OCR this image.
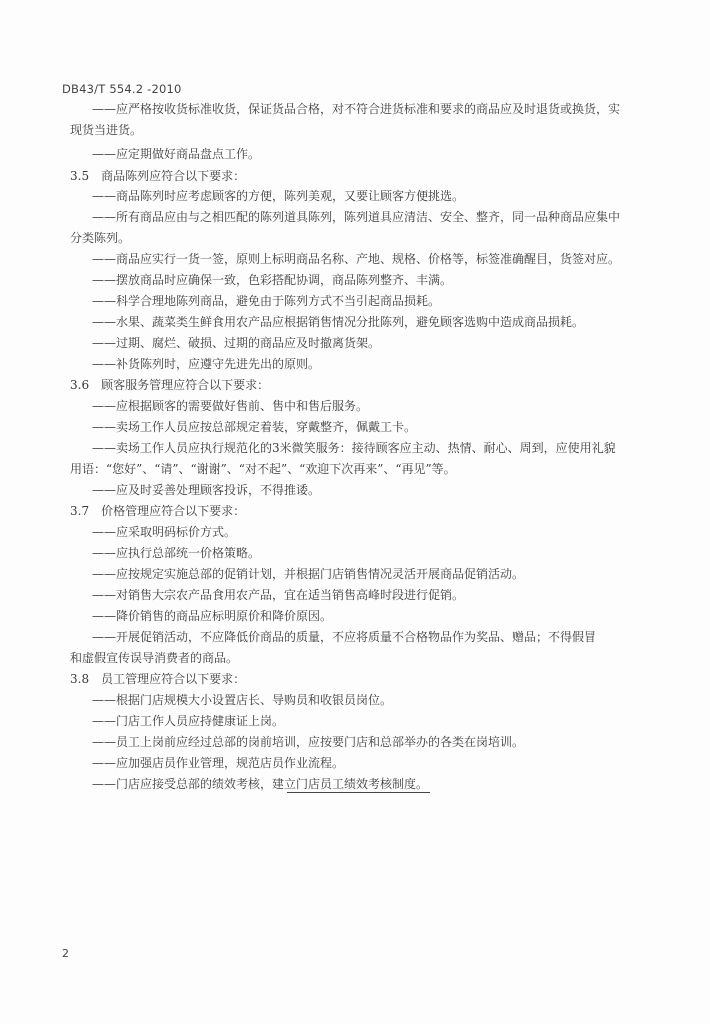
DB43/T 554.2 -2010
——应严格按收货标准收货，保证货品合格，对不符合进货标准和要求的商品应及时退货或换货，实
现货当进货。
——应定期做好商品盘点工作。
3.5　商品陈列应符合以下要求：
——商品陈列时应考虑顾客的方便，陈列美观，又要让顾客方便挑选。
——所有商品应由与之相匹配的陈列道具陈列，陈列道具应清洁、安全、整齐，同一品种商品应集中
分类陈列。
——商品应实行一货一签，原则上标明商品名称、产地、规格、价格等，标签准确醒目，货签对应。
——摆放商品时应确保一致，色彩搭配协调，商品陈列整齐、丰满。
——科学合理地陈列商品，避免由于陈列方式不当引起商品损耗。
——水果、蔬菜类生鲜食用农产品应根据销售情况分批陈列，避免顾客选购中造成商品损耗。
——过期、腐烂、破损、过期的商品应及时撤离货架。
——补货陈列时，应遵守先进先出的原则。
3.6　顾客服务管理应符合以下要求：
——应根据顾客的需要做好售前、售中和售后服务。
——卖场工作人员应按总部规定着装，穿戴整齐，佩戴工卡。
——卖场工作人员应执行规范化的3米微笑服务：接待顾客应主动、热情、耐心、周到，应使用礼貌
用语：“您好”、“请”、“谢谢”、“对不起”、“欢迎下次再来”、“再见”等。
——应及时妥善处理顾客投诉，不得推诿。
3.7　价格管理应符合以下要求：
——应采取明码标价方式。
——应执行总部统一价格策略。
——应按规定实施总部的促销计划，并根据门店销售情况灵活开展商品促销活动。
——对销售大宗农产品食用农产品，宜在适当销售高峰时段进行促销。
——降价销售的商品应标明原价和降价原因。
——开展促销活动，不应降低价商品的质量，不应将质量不合格物品作为奖品、赠品；不得假冒
和虚假宣传误导消费者的商品。
3.8　员工管理应符合以下要求：
——根据门店规模大小设置店长、导购员和收银员岗位。
——门店工作人员应持健康证上岗。
——员工上岗前应经过总部的岗前培训，应按要门店和总部举办的各类在岗培训。
——应加强店员作业管理，规范店员作业流程。
——门店应接受总部的绩效考核，建立门店员工绩效考核制度。
2
